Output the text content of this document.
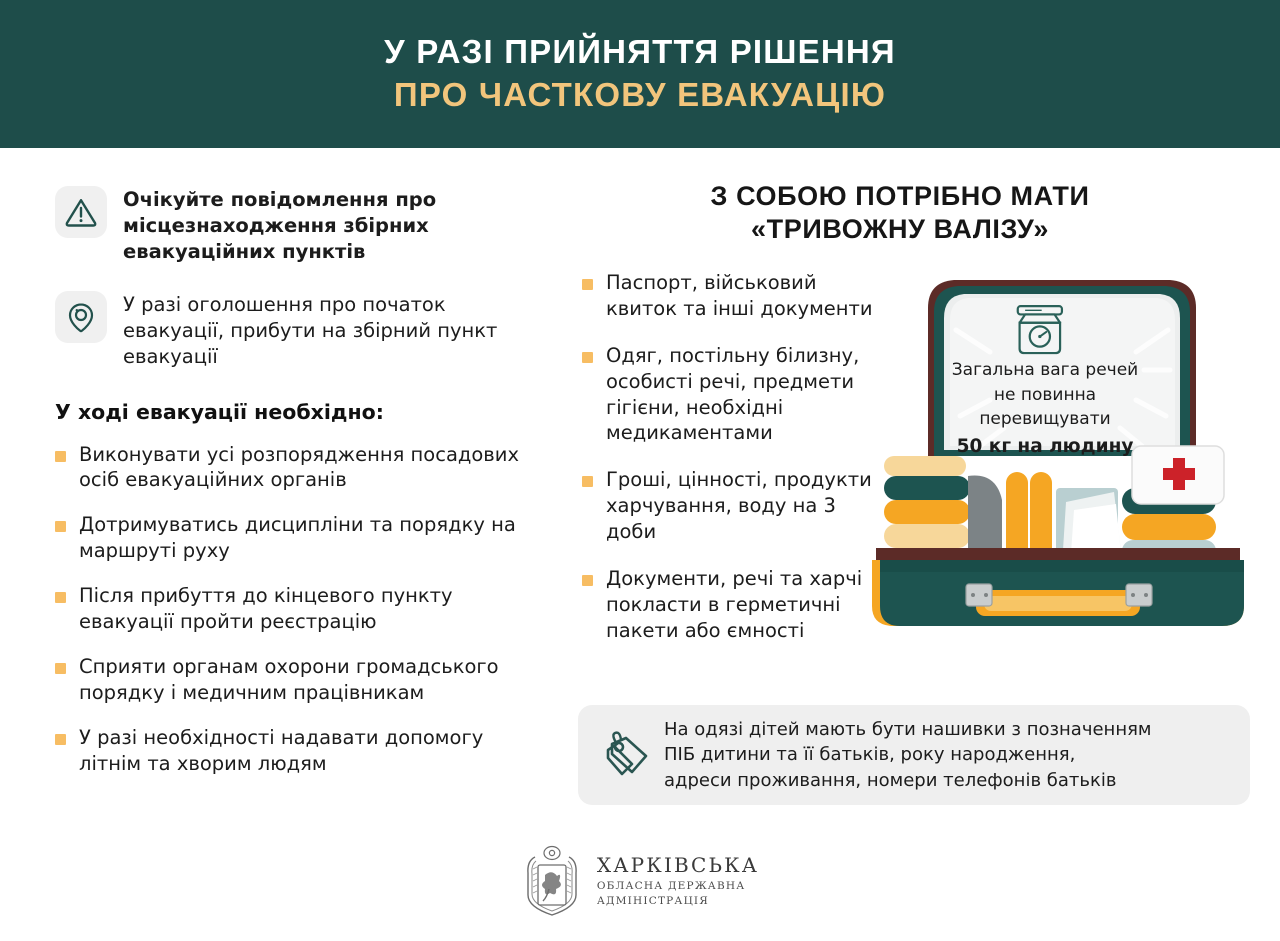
У РАЗІ ПРИЙНЯТТЯ РІШЕННЯ
ПРО ЧАСТКОВУ ЕВАКУАЦІЮ
Очікуйте повідомлення про місцезнаходження збірних евакуаційних пунктів
У разі оголошення про початок евакуації, прибути на збірний пункт евакуації
У ході евакуації необхідно:
Виконувати усі розпорядження посадових осіб евакуаційних органів
Дотримуватись дисципліни та порядку на маршруті руху
Після прибуття до кінцевого пункту евакуації пройти реєстрацію
Сприяти органам охорони громадського порядку і медичним працівникам
У разі необхідності надавати допомогу літнім та хворим людям
З СОБОЮ ПОТРІБНО МАТИ
«ТРИВОЖНУ ВАЛІЗУ»
Паспорт, військовий квиток та інші документи
Одяг, постільну білизну, особисті речі, предмети гігієни, необхідні медикаментами
Гроші, цінності, продукти харчування, воду на 3 доби
Документи, речі та харчі покласти в герметичні пакети або ємності
Загальна вага речей
не повинна
перевищувати
50 кг на людину
На одязі дітей мають бути нашивки з позначенням
ПІБ дитини та її батьків, року народження,
адреси проживання, номери телефонів батьків
ХАРКІВСЬКА
ОБЛАСНА ДЕРЖАВНА
АДМІНІСТРАЦІЯ
